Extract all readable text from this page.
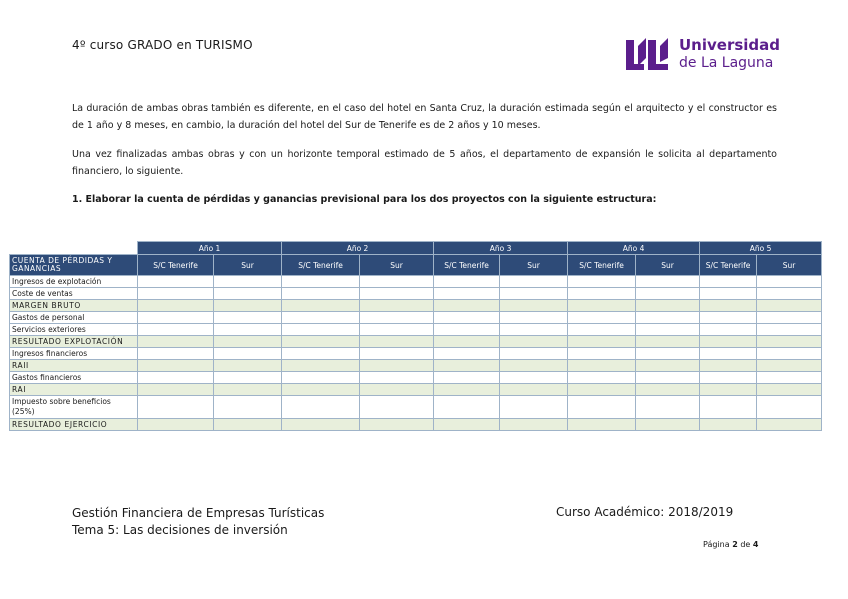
4º curso GRADO en TURISMO	Universidad
de La Laguna
La duración de ambas obras también es diferente, en el caso del hotel en Santa Cruz, la duración estimada según el arquitecto y el constructor es de 1 año y 8 meses, en cambio, la duración del hotel del Sur de Tenerife es de 2 años y 10 meses.
Una vez finalizadas ambas obras y con un horizonte temporal estimado de 5 años, el departamento de expansión le solicita al departamento financiero, lo siguiente.
1. Elaborar la cuenta de pérdidas y ganancias previsional para los dos proyectos con la siguiente estructura:
	Año 1		Año 2		Año 3		Año 4		Año 5	
CUENTA DE PÉRDIDAS Y GANANCIAS	S/C Tenerife	Sur	S/C Tenerife	Sur	S/C Tenerife	Sur	S/C Tenerife	Sur	S/C Tenerife	Sur
Ingresos de explotación										
Coste de ventas										
MARGEN BRUTO										
Gastos de personal										
Servicios exteriores										
RESULTADO EXPLOTACIÓN										
Ingresos financieros										
RAII										
Gastos financieros										
RAI										
Impuesto sobre beneficios (25%)										
RESULTADO EJERCICIO										
Gestión Financiera de Empresas Turísticas
Tema 5: Las decisiones de inversión
Curso Académico: 2018/2019
Página 2 de 4
